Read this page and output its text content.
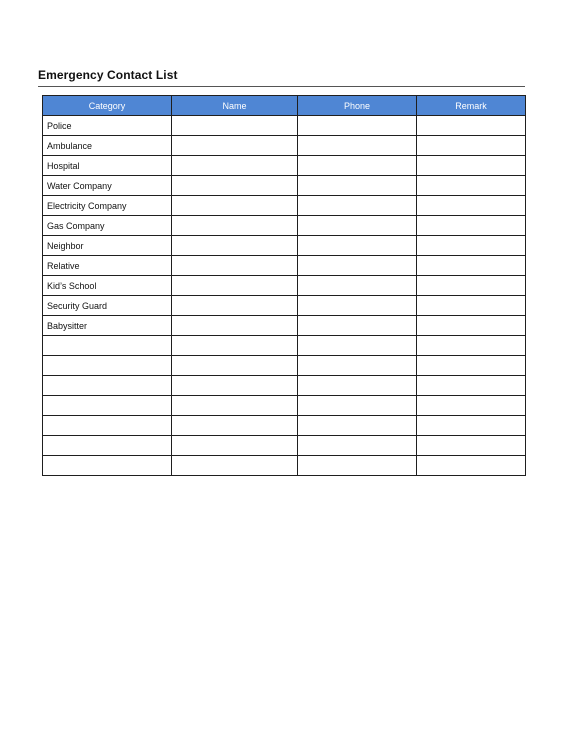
Emergency Contact List
Category	Name	Phone	Remark
Police			
Ambulance			
Hospital			
Water Company			
Electricity Company			
Gas Company			
Neighbor			
Relative			
Kid’s School			
Security Guard			
Babysitter			
